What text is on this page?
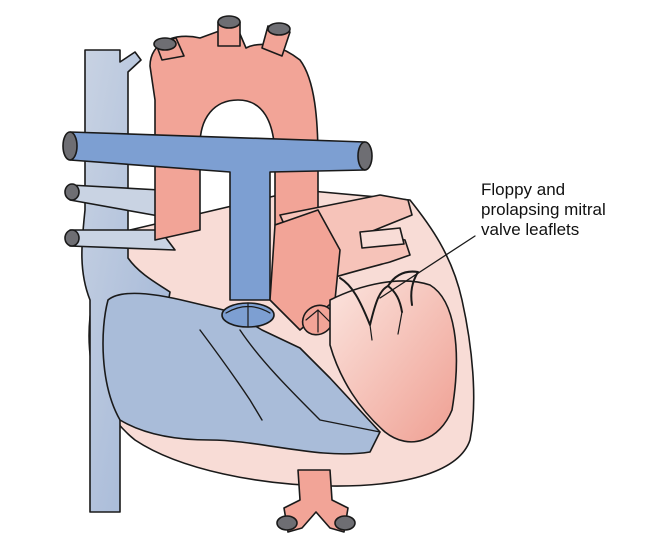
Floppy and
prolapsing mitral
valve leaflets
